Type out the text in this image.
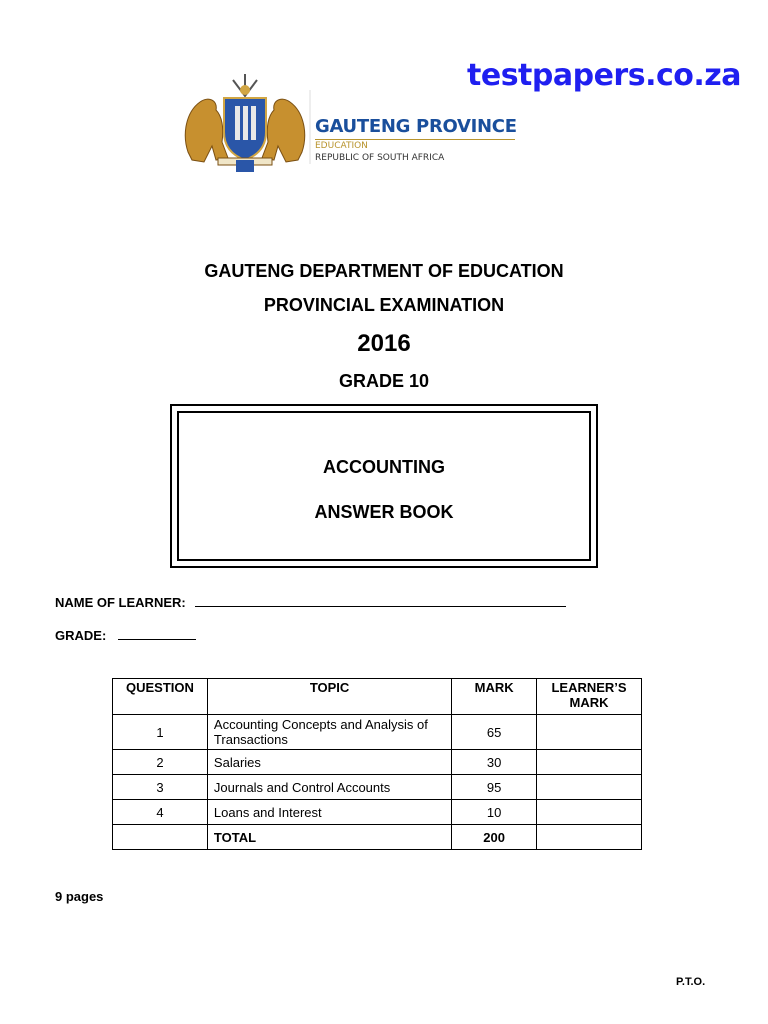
testpapers.co.za
GAUTENG PROVINCE
EDUCATION
REPUBLIC OF SOUTH AFRICA
GAUTENG DEPARTMENT OF EDUCATION
PROVINCIAL EXAMINATION
2016
GRADE 10
ACCOUNTING
ANSWER BOOK
NAME OF LEARNER:
GRADE:
QUESTION	TOPIC	MARK	LEARNER’S MARK
1	Accounting Concepts and Analysis of Transactions	65	
2	Salaries	30	
3	Journals and Control Accounts	95	
4	Loans and Interest	10	
	TOTAL	200	
9 pages
P.T.O.
